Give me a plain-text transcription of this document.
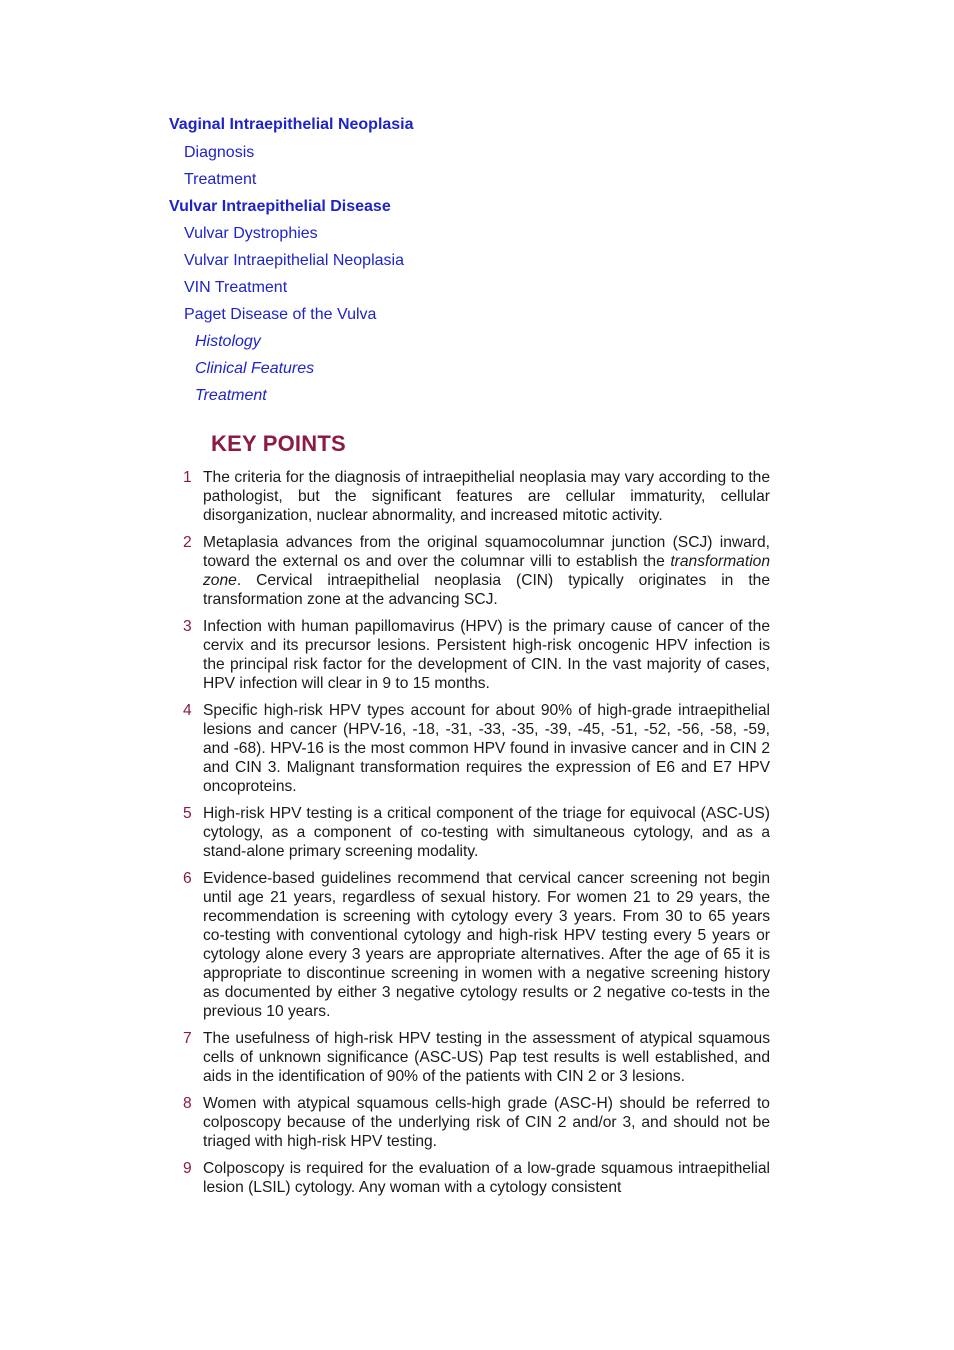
Vaginal Intraepithelial Neoplasia
Diagnosis
Treatment
Vulvar Intraepithelial Disease
Vulvar Dystrophies
Vulvar Intraepithelial Neoplasia
VIN Treatment
Paget Disease of the Vulva
Histology
Clinical Features
Treatment
KEY POINTS
1 The criteria for the diagnosis of intraepithelial neoplasia may vary according to the pathologist, but the significant features are cellular immaturity, cellular disorganization, nuclear abnormality, and increased mitotic activity.
2 Metaplasia advances from the original squamocolumnar junction (SCJ) inward, toward the external os and over the columnar villi to establish the transformation zone. Cervical intraepithelial neoplasia (CIN) typically originates in the transformation zone at the advancing SCJ.
3 Infection with human papillomavirus (HPV) is the primary cause of cancer of the cervix and its precursor lesions. Persistent high-risk oncogenic HPV infection is the principal risk factor for the development of CIN. In the vast majority of cases, HPV infection will clear in 9 to 15 months.
4 Specific high-risk HPV types account for about 90% of high-grade intraepithelial lesions and cancer (HPV-16, -18, -31, -33, -35, -39, -45, -51, -52, -56, -58, -59, and -68). HPV-16 is the most common HPV found in invasive cancer and in CIN 2 and CIN 3. Malignant transformation requires the expression of E6 and E7 HPV oncoproteins.
5 High-risk HPV testing is a critical component of the triage for equivocal (ASC-US) cytology, as a component of co-testing with simultaneous cytology, and as a stand-alone primary screening modality.
6 Evidence-based guidelines recommend that cervical cancer screening not begin until age 21 years, regardless of sexual history. For women 21 to 29 years, the recommendation is screening with cytology every 3 years. From 30 to 65 years co-testing with conventional cytology and high-risk HPV testing every 5 years or cytology alone every 3 years are appropriate alternatives. After the age of 65 it is appropriate to discontinue screening in women with a negative screening history as documented by either 3 negative cytology results or 2 negative co-tests in the previous 10 years.
7 The usefulness of high-risk HPV testing in the assessment of atypical squamous cells of unknown significance (ASC-US) Pap test results is well established, and aids in the identification of 90% of the patients with CIN 2 or 3 lesions.
8 Women with atypical squamous cells-high grade (ASC-H) should be referred to colposcopy because of the underlying risk of CIN 2 and/or 3, and should not be triaged with high-risk HPV testing.
9 Colposcopy is required for the evaluation of a low-grade squamous intraepithelial lesion (LSIL) cytology. Any woman with a cytology consistent
